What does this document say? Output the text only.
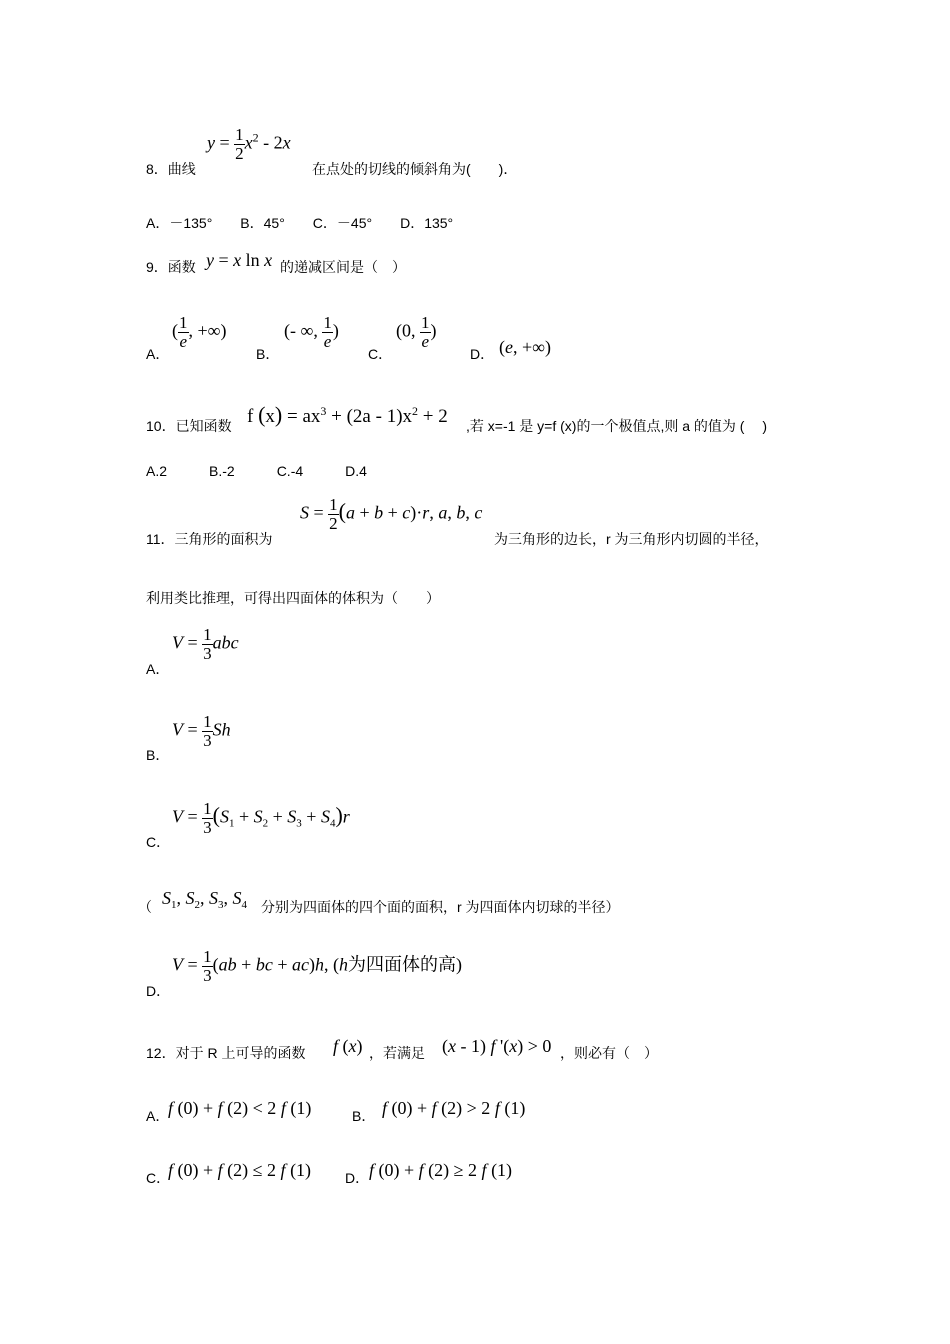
8．曲线
$y = \frac{1}{2} x^2 - 2x$
在点处的切线的倾斜角为(　　)．
A．－135°　　B．45°　　C．－45°　　D．135°
9．函数 y = x ln x 的递减区间是（　）
A．
( $\frac{1}{e}$ , +∞)
B．
(- ∞, $\frac{1}{e}$ )
C．
(0, $\frac{1}{e}$ )
D． (e, +∞)
10．已知函数 f $(x) = ax^3 + (2a - 1)x^2 + 2$ ,若 x=-1 是 y=f (x)的一个极值点,则 a 的值为 (　 )
A.2　　　B.-2　　　C.-4　　　D.4
11．三角形的面积为
$S = \frac{1}{2} (a + b + c)\cdot r$, a, b, c
为三角形的边长，r 为三角形内切圆的半径，
利用类比推理，可得出四面体的体积为（　　）
A．
$V = \frac{1}{3}$ abc
B．
$V = \frac{1}{3}$ Sh
C．
$V = \frac{1}{3} (S_1 + S_2 + S_3 + S_4)r$
（ $S_1$, $S_2$, $S_3$, $S_4$ 分别为四面体的四个面的面积，r 为四面体内切球的半径）
D．
$V = \frac{1}{3} (ab$ + bc + ac)h, (h为四面体的高)
12．对于 R 上可导的函数 f (x) ，若满足 (x - 1) f '(x) > 0 ，则必有（　）
A．
f (0) + f (2) < 2 f (1)	B． f (0) + f (2) > 2 f (1)
C．
f (0) + f (2) ≤ 2 f (1) D． f (0) + f (2) ≥ 2 f (1)
